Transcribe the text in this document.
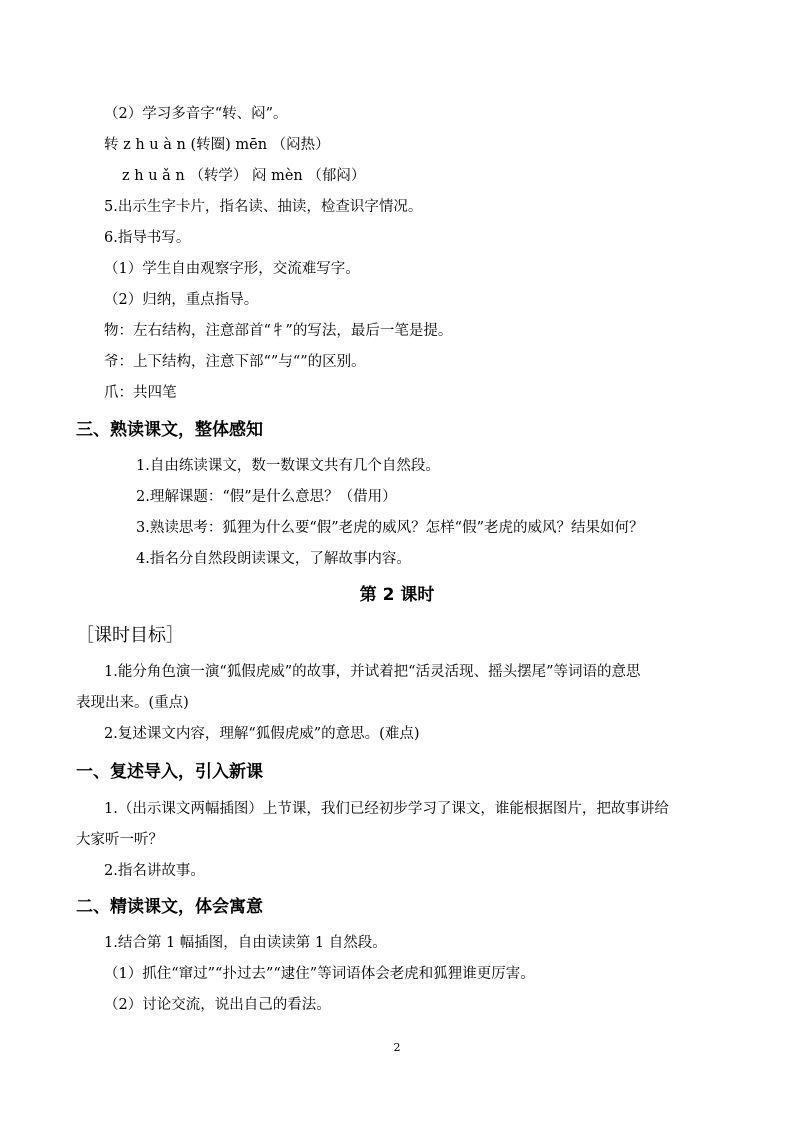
（2）学习多音字“转、闷”。
转 z h u à n (转圈) mēn （闷热）
z h u ǎ n （转学） 闷 mèn （郁闷）
5.出示生字卡片，指名读、抽读，检查识字情况。
6.指导书写。
（1）学生自由观察字形，交流难写字。
（2）归纳，重点指导。
物：左右结构，注意部首“牜”的写法，最后一笔是提。
爷：上下结构，注意下部“”与“”的区别。
爪：共四笔
三、熟读课文，整体感知
1.自由练读课文，数一数课文共有几个自然段。
2.理解课题：“假”是什么意思？（借用）
3.熟读思考：狐狸为什么要“假”老虎的威风？怎样“假”老虎的威风？结果如何？
4.指名分自然段朗读课文，了解故事内容。
第 2 课时
［课时目标］
1.能分角色演一演“狐假虎威”的故事，并试着把“活灵活现、摇头摆尾”等词语的意思
表现出来。(重点)
2.复述课文内容，理解“狐假虎威”的意思。(难点)
一、复述导入，引入新课
1.（出示课文两幅插图）上节课，我们已经初步学习了课文，谁能根据图片，把故事讲给
大家听一听？
2.指名讲故事。
二、精读课文，体会寓意
1.结合第 1 幅插图，自由读读第 1 自然段。
（1）抓住“窜过”“扑过去”“逮住”等词语体会老虎和狐狸谁更厉害。
（2）讨论交流，说出自己的看法。
2
